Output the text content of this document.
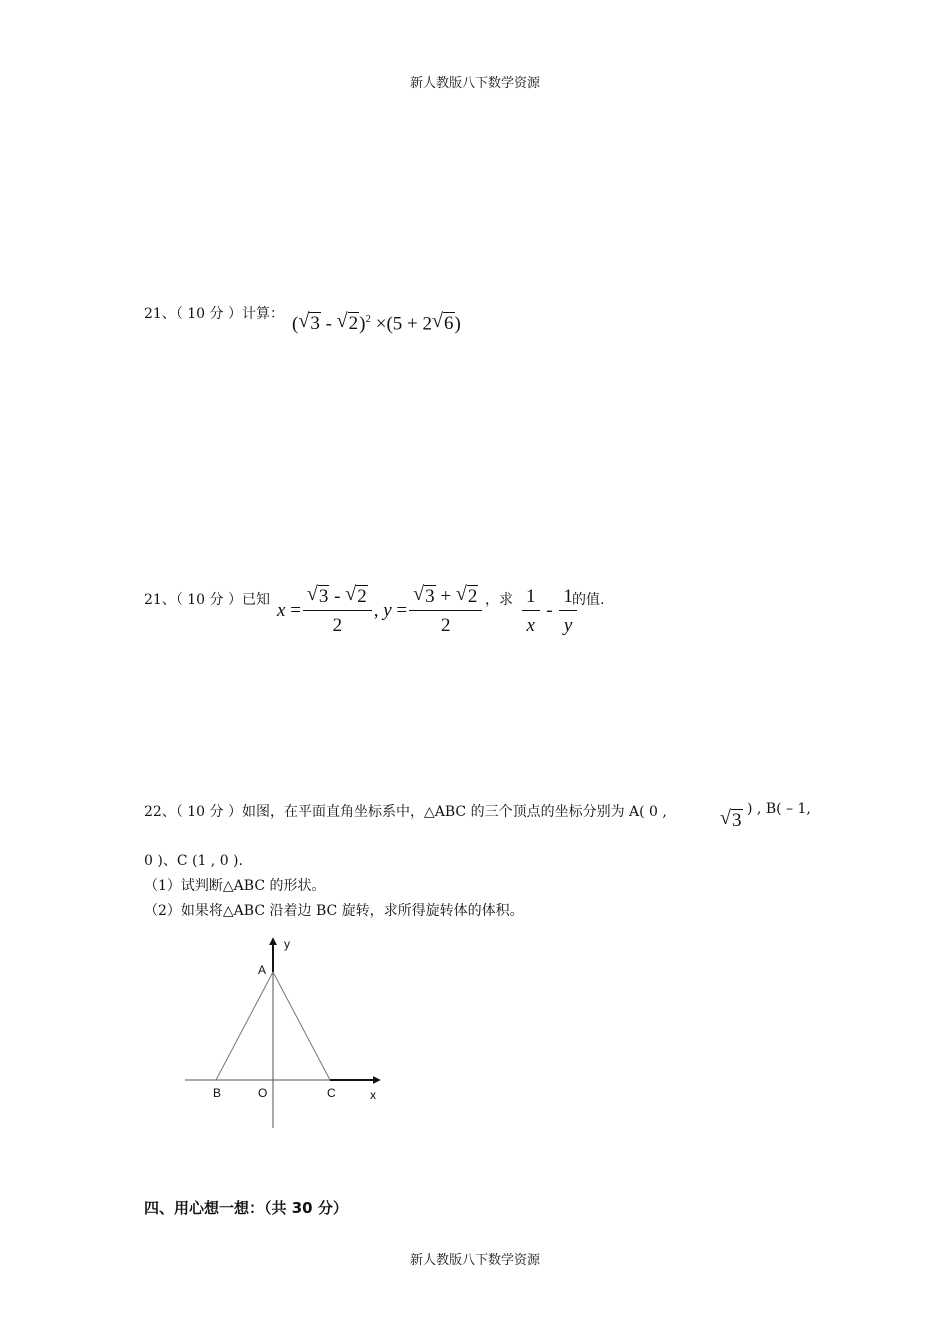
新人教版八下数学资源
21、（ 10 分 ）计算： ( √ 3 - √ 2)$^2$ ×(5 + 2 √ 6)
21、（ 10 分 ）已知 x = √ $\frac{3 - √ 2}{2}$ , y = √ $\frac{3 + √ 2}{2}$ ，求 $\frac{1}{x} - \frac{1}{y}$
的值.
22、（ 10 分 ）如图，在平面直角坐标系中，△ABC 的三个顶点的坐标分别为 A( 0 ,	√ 3
) , B( – 1,
0 )、C (1 , 0 ).
（1）试判断△ABC 的形状。
（2）如果将△ABC 沿着边 BC 旋转，求所得旋转体的体积。
y
A
B	O	C	x
四、用心想一想：（共 30 分）
新人教版八下数学资源
